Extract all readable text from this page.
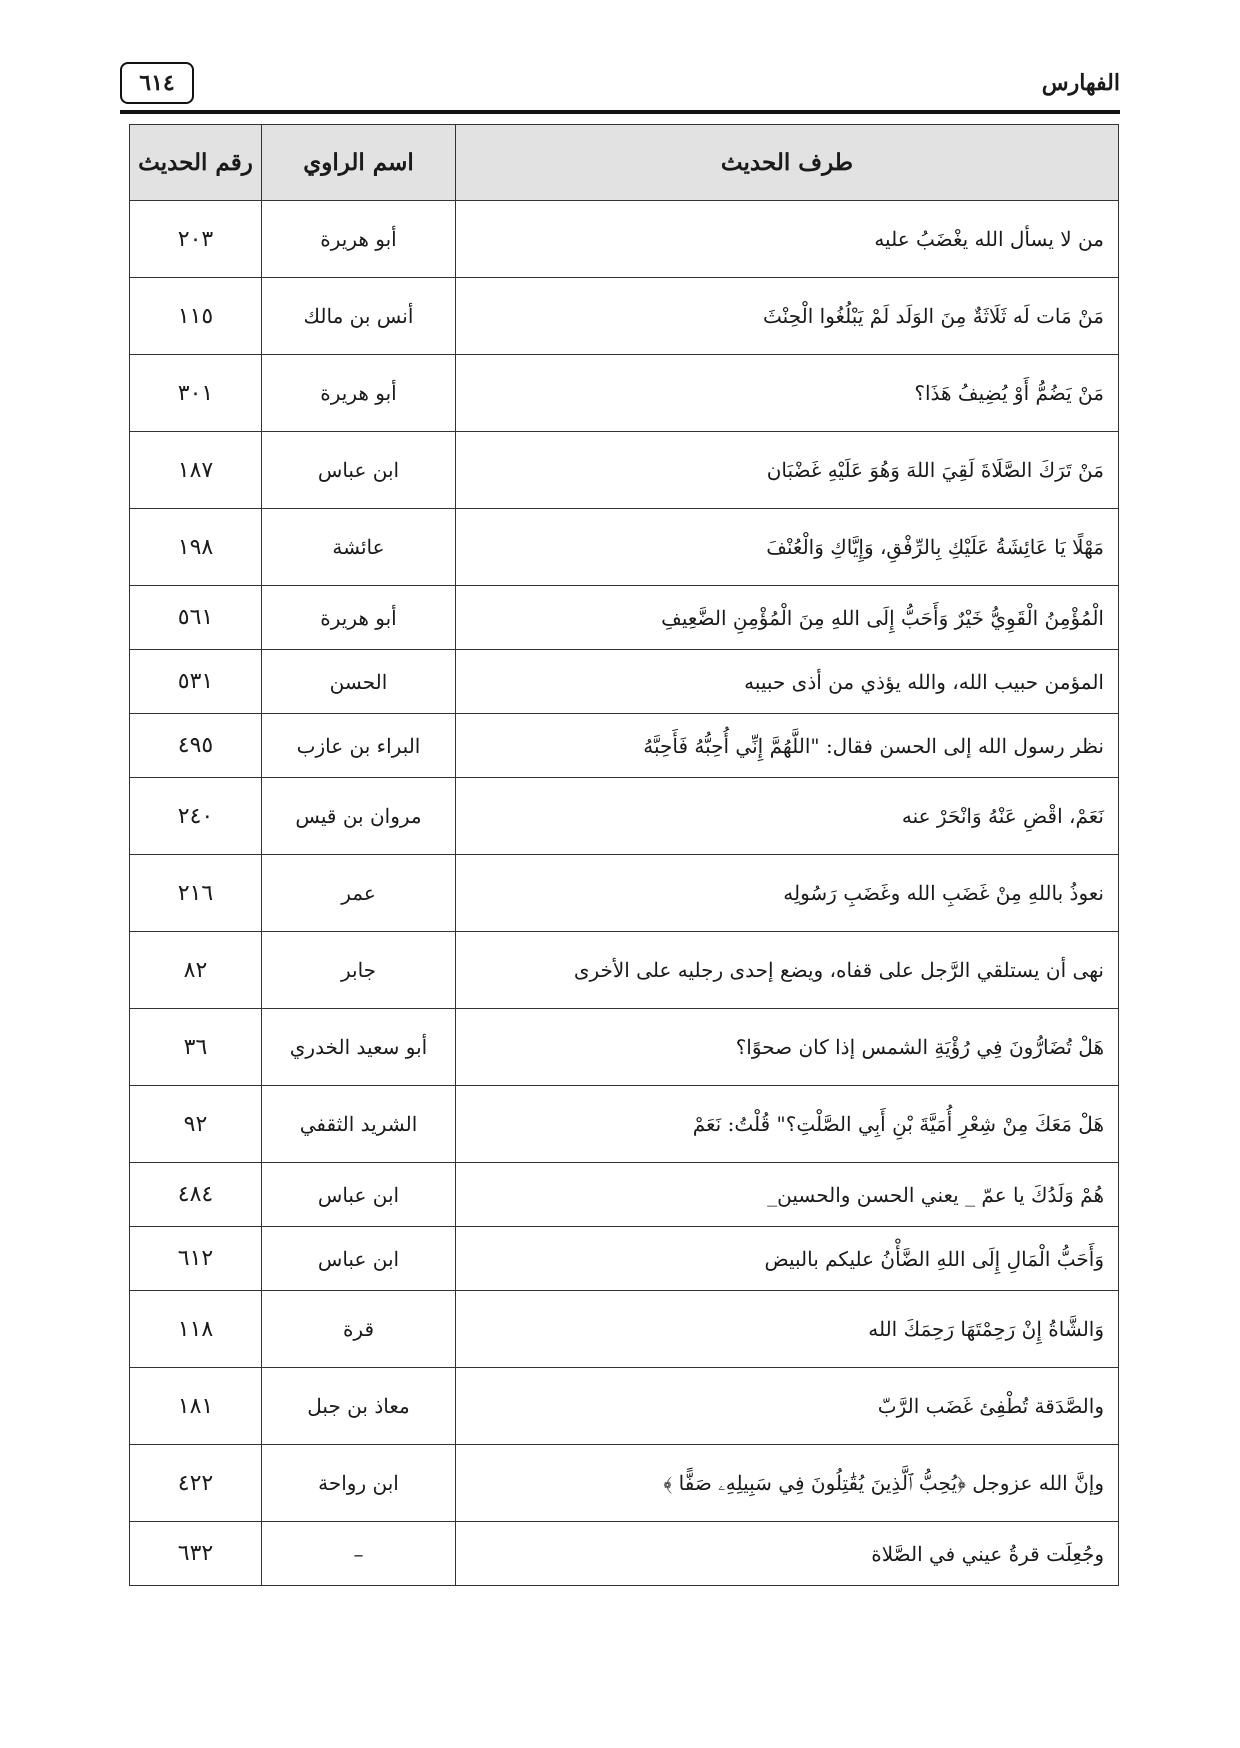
٦١٤	الفهارس
طرف الحديث	اسم الراوي	رقم الحديث
من لا يسأل الله يغْضَبُ عليه	أبو هريرة	٢٠٣
مَنْ مَات لَه ثَلَاثَةٌ مِنَ الوَلَد لَمْ يَبْلُغُوا الْحِنْثَ	أنس بن مالك	١١٥
مَنْ يَضُمُّ أَوْ يُضِيفُ هَذَا؟	أبو هريرة	٣٠١
مَنْ تَرَكَ الصَّلَاةَ لَقِيَ اللهَ وَهُوَ عَلَيْهِ غَضْبَان	ابن عباس	١٨٧
مَهْلًا يَا عَائِشَةُ عَلَيْكِ بِالرِّفْقِ، وَإِيَّاكِ وَالْعُنْفَ	عائشة	١٩٨
الْمُؤْمِنُ الْقَوِيُّ خَيْرٌ وَأَحَبُّ إِلَى اللهِ مِنَ الْمُؤْمِنِ الضَّعِيفِ	أبو هريرة	٥٦١
المؤمن حبيب الله، والله يؤذي من أذى حبيبه	الحسن	٥٣١
نظر رسول الله إلى الحسن فقال: "اللَّهُمَّ إِنِّي أُحِبُّهُ فَأَحِبَّهُ	البراء بن عازب	٤٩٥
نَعَمْ، اقْضِ عَنْهُ وَانْحَرْ عنه	مروان بن قيس	٢٤٠
نعوذُ باللهِ مِنْ غَضَبِ الله وغَضَبِ رَسُولِه	عمر	٢١٦
نهى أن يستلقي الرَّجل على قفاه، ويضع إحدى رجليه على الأخرى	جابر	٨٢
هَلْ تُضَارُّونَ فِي رُؤْيَةِ الشمس إذا كان صحوًا؟	أبو سعيد الخدري	٣٦
هَلْ مَعَكَ مِنْ شِعْرِ أُمَيَّةَ بْنِ أَبِي الصَّلْتِ؟" قُلْتُ: نَعَمْ	الشريد الثقفي	٩٢
هُمْ وَلَدُكَ يا عمّ _ يعني الحسن والحسين_	ابن عباس	٤٨٤
وَأَحَبُّ الْمَالِ إِلَى اللهِ الضَّأْنُ عليكم بالبيض	ابن عباس	٦١٢
وَالشَّاةُ إِنْ رَحِمْتَهَا رَحِمَكَ الله	قرة	١١٨
والصَّدَقة تُطْفِئ غَضَب الرَّبّ	معاذ بن جبل	١٨١
وإنَّ الله عزوجل ﴿يُحِبُّ ٱلَّذِينَ يُقَٰتِلُونَ فِي سَبِيلِهِۦ صَفًّا ﴾	ابن رواحة	٤٢٢
وجُعِلَت قرةُ عيني في الصَّلاة	–	٦٣٢
